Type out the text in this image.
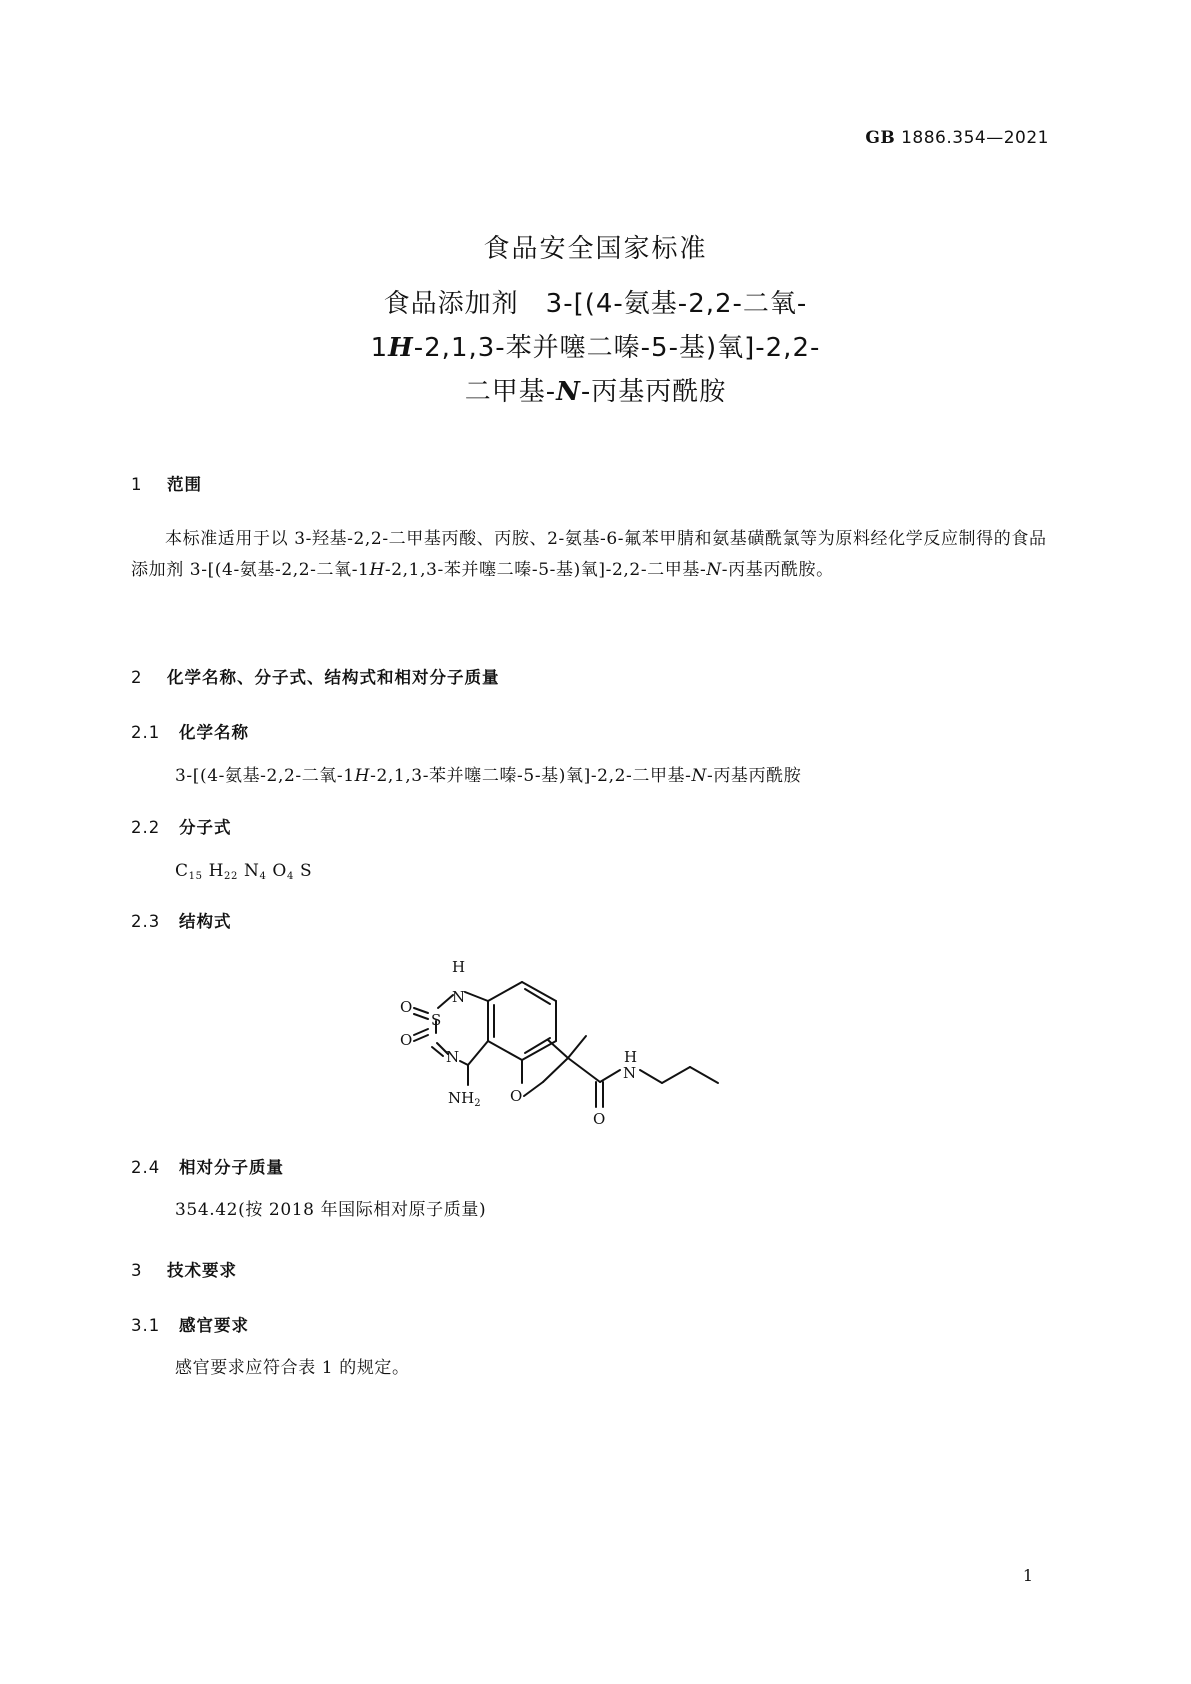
GB 1886.354—2021
食品安全国家标准
食品添加剂　3-[(4-氨基-2,2-二氧-
1H-2,1,3-苯并噻二嗪-5-基)氧]-2,2-
二甲基-N-丙基丙酰胺
1 范围
本标准适用于以 3-羟基-2,2-二甲基丙酸、丙胺、2-氨基-6-氟苯甲腈和氨基磺酰氯等为原料经化学反应制得的食品添加剂 3-[(4-氨基-2,2-二氧-1H-2,1,3-苯并噻二嗪-5-基)氧]-2,2-二甲基-N-丙基丙酰胺。
2 化学名称、分子式、结构式和相对分子质量
2.1 化学名称
3-[(4-氨基-2,2-二氧-1H-2,1,3-苯并噻二嗪-5-基)氧]-2,2-二甲基-N-丙基丙酰胺
2.2 分子式
$C_{15}$ $H_{22}$ $N_4$ $O_4$ S
2.3 结构式
H
N
S
O
O
N
$NH_2$ O
H
N
O
2.4 相对分子质量
354.42(按 2018 年国际相对原子质量)
3 技术要求
3.1 感官要求
感官要求应符合表 1 的规定。
1
